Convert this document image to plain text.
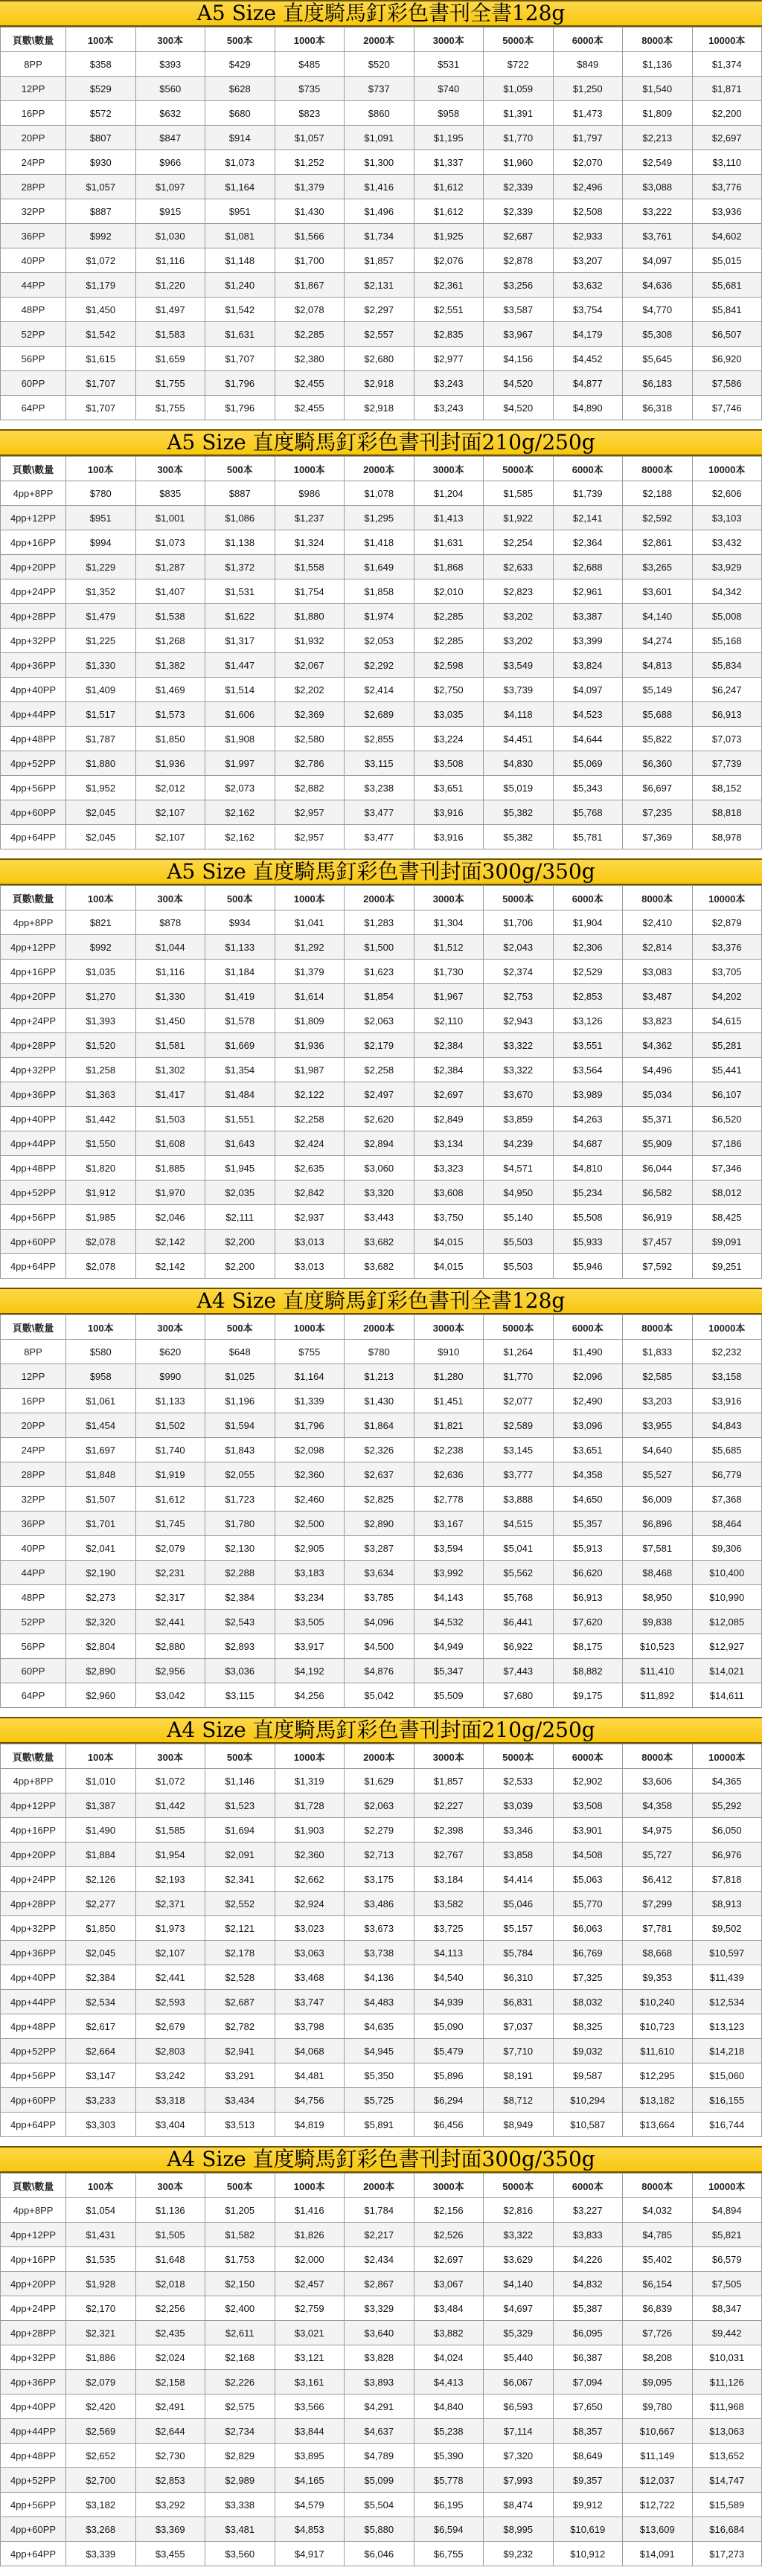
A5 Size 直度騎馬釘彩色書刊全書128g
頁數\數量	100本	300本	500本	1000本	2000本	3000本	5000本	6000本	8000本	10000本
8PP	$358	$393	$429	$485	$520	$531	$722	$849	$1,136	$1,374
12PP	$529	$560	$628	$735	$737	$740	$1,059	$1,250	$1,540	$1,871
16PP	$572	$632	$680	$823	$860	$958	$1,391	$1,473	$1,809	$2,200
20PP	$807	$847	$914	$1,057	$1,091	$1,195	$1,770	$1,797	$2,213	$2,697
24PP	$930	$966	$1,073	$1,252	$1,300	$1,337	$1,960	$2,070	$2,549	$3,110
28PP	$1,057	$1,097	$1,164	$1,379	$1,416	$1,612	$2,339	$2,496	$3,088	$3,776
32PP	$887	$915	$951	$1,430	$1,496	$1,612	$2,339	$2,508	$3,222	$3,936
36PP	$992	$1,030	$1,081	$1,566	$1,734	$1,925	$2,687	$2,933	$3,761	$4,602
40PP	$1,072	$1,116	$1,148	$1,700	$1,857	$2,076	$2,878	$3,207	$4,097	$5,015
44PP	$1,179	$1,220	$1,240	$1,867	$2,131	$2,361	$3,256	$3,632	$4,636	$5,681
48PP	$1,450	$1,497	$1,542	$2,078	$2,297	$2,551	$3,587	$3,754	$4,770	$5,841
52PP	$1,542	$1,583	$1,631	$2,285	$2,557	$2,835	$3,967	$4,179	$5,308	$6,507
56PP	$1,615	$1,659	$1,707	$2,380	$2,680	$2,977	$4,156	$4,452	$5,645	$6,920
60PP	$1,707	$1,755	$1,796	$2,455	$2,918	$3,243	$4,520	$4,877	$6,183	$7,586
64PP	$1,707	$1,755	$1,796	$2,455	$2,918	$3,243	$4,520	$4,890	$6,318	$7,746
A5 Size 直度騎馬釘彩色書刊封面210g/250g
頁數\數量	100本	300本	500本	1000本	2000本	3000本	5000本	6000本	8000本	10000本
4pp+8PP	$780	$835	$887	$986	$1,078	$1,204	$1,585	$1,739	$2,188	$2,606
4pp+12PP	$951	$1,001	$1,086	$1,237	$1,295	$1,413	$1,922	$2,141	$2,592	$3,103
4pp+16PP	$994	$1,073	$1,138	$1,324	$1,418	$1,631	$2,254	$2,364	$2,861	$3,432
4pp+20PP	$1,229	$1,287	$1,372	$1,558	$1,649	$1,868	$2,633	$2,688	$3,265	$3,929
4pp+24PP	$1,352	$1,407	$1,531	$1,754	$1,858	$2,010	$2,823	$2,961	$3,601	$4,342
4pp+28PP	$1,479	$1,538	$1,622	$1,880	$1,974	$2,285	$3,202	$3,387	$4,140	$5,008
4pp+32PP	$1,225	$1,268	$1,317	$1,932	$2,053	$2,285	$3,202	$3,399	$4,274	$5,168
4pp+36PP	$1,330	$1,382	$1,447	$2,067	$2,292	$2,598	$3,549	$3,824	$4,813	$5,834
4pp+40PP	$1,409	$1,469	$1,514	$2,202	$2,414	$2,750	$3,739	$4,097	$5,149	$6,247
4pp+44PP	$1,517	$1,573	$1,606	$2,369	$2,689	$3,035	$4,118	$4,523	$5,688	$6,913
4pp+48PP	$1,787	$1,850	$1,908	$2,580	$2,855	$3,224	$4,451	$4,644	$5,822	$7,073
4pp+52PP	$1,880	$1,936	$1,997	$2,786	$3,115	$3,508	$4,830	$5,069	$6,360	$7,739
4pp+56PP	$1,952	$2,012	$2,073	$2,882	$3,238	$3,651	$5,019	$5,343	$6,697	$8,152
4pp+60PP	$2,045	$2,107	$2,162	$2,957	$3,477	$3,916	$5,382	$5,768	$7,235	$8,818
4pp+64PP	$2,045	$2,107	$2,162	$2,957	$3,477	$3,916	$5,382	$5,781	$7,369	$8,978
A5 Size 直度騎馬釘彩色書刊封面300g/350g
頁數\數量	100本	300本	500本	1000本	2000本	3000本	5000本	6000本	8000本	10000本
4pp+8PP	$821	$878	$934	$1,041	$1,283	$1,304	$1,706	$1,904	$2,410	$2,879
4pp+12PP	$992	$1,044	$1,133	$1,292	$1,500	$1,512	$2,043	$2,306	$2,814	$3,376
4pp+16PP	$1,035	$1,116	$1,184	$1,379	$1,623	$1,730	$2,374	$2,529	$3,083	$3,705
4pp+20PP	$1,270	$1,330	$1,419	$1,614	$1,854	$1,967	$2,753	$2,853	$3,487	$4,202
4pp+24PP	$1,393	$1,450	$1,578	$1,809	$2,063	$2,110	$2,943	$3,126	$3,823	$4,615
4pp+28PP	$1,520	$1,581	$1,669	$1,936	$2,179	$2,384	$3,322	$3,551	$4,362	$5,281
4pp+32PP	$1,258	$1,302	$1,354	$1,987	$2,258	$2,384	$3,322	$3,564	$4,496	$5,441
4pp+36PP	$1,363	$1,417	$1,484	$2,122	$2,497	$2,697	$3,670	$3,989	$5,034	$6,107
4pp+40PP	$1,442	$1,503	$1,551	$2,258	$2,620	$2,849	$3,859	$4,263	$5,371	$6,520
4pp+44PP	$1,550	$1,608	$1,643	$2,424	$2,894	$3,134	$4,239	$4,687	$5,909	$7,186
4pp+48PP	$1,820	$1,885	$1,945	$2,635	$3,060	$3,323	$4,571	$4,810	$6,044	$7,346
4pp+52PP	$1,912	$1,970	$2,035	$2,842	$3,320	$3,608	$4,950	$5,234	$6,582	$8,012
4pp+56PP	$1,985	$2,046	$2,111	$2,937	$3,443	$3,750	$5,140	$5,508	$6,919	$8,425
4pp+60PP	$2,078	$2,142	$2,200	$3,013	$3,682	$4,015	$5,503	$5,933	$7,457	$9,091
4pp+64PP	$2,078	$2,142	$2,200	$3,013	$3,682	$4,015	$5,503	$5,946	$7,592	$9,251
A4 Size 直度騎馬釘彩色書刊全書128g
頁數\數量	100本	300本	500本	1000本	2000本	3000本	5000本	6000本	8000本	10000本
8PP	$580	$620	$648	$755	$780	$910	$1,264	$1,490	$1,833	$2,232
12PP	$958	$990	$1,025	$1,164	$1,213	$1,280	$1,770	$2,096	$2,585	$3,158
16PP	$1,061	$1,133	$1,196	$1,339	$1,430	$1,451	$2,077	$2,490	$3,203	$3,916
20PP	$1,454	$1,502	$1,594	$1,796	$1,864	$1,821	$2,589	$3,096	$3,955	$4,843
24PP	$1,697	$1,740	$1,843	$2,098	$2,326	$2,238	$3,145	$3,651	$4,640	$5,685
28PP	$1,848	$1,919	$2,055	$2,360	$2,637	$2,636	$3,777	$4,358	$5,527	$6,779
32PP	$1,507	$1,612	$1,723	$2,460	$2,825	$2,778	$3,888	$4,650	$6,009	$7,368
36PP	$1,701	$1,745	$1,780	$2,500	$2,890	$3,167	$4,515	$5,357	$6,896	$8,464
40PP	$2,041	$2,079	$2,130	$2,905	$3,287	$3,594	$5,041	$5,913	$7,581	$9,306
44PP	$2,190	$2,231	$2,288	$3,183	$3,634	$3,992	$5,562	$6,620	$8,468	$10,400
48PP	$2,273	$2,317	$2,384	$3,234	$3,785	$4,143	$5,768	$6,913	$8,950	$10,990
52PP	$2,320	$2,441	$2,543	$3,505	$4,096	$4,532	$6,441	$7,620	$9,838	$12,085
56PP	$2,804	$2,880	$2,893	$3,917	$4,500	$4,949	$6,922	$8,175	$10,523	$12,927
60PP	$2,890	$2,956	$3,036	$4,192	$4,876	$5,347	$7,443	$8,882	$11,410	$14,021
64PP	$2,960	$3,042	$3,115	$4,256	$5,042	$5,509	$7,680	$9,175	$11,892	$14,611
A4 Size 直度騎馬釘彩色書刊封面210g/250g
頁數\數量	100本	300本	500本	1000本	2000本	3000本	5000本	6000本	8000本	10000本
4pp+8PP	$1,010	$1,072	$1,146	$1,319	$1,629	$1,857	$2,533	$2,902	$3,606	$4,365
4pp+12PP	$1,387	$1,442	$1,523	$1,728	$2,063	$2,227	$3,039	$3,508	$4,358	$5,292
4pp+16PP	$1,490	$1,585	$1,694	$1,903	$2,279	$2,398	$3,346	$3,901	$4,975	$6,050
4pp+20PP	$1,884	$1,954	$2,091	$2,360	$2,713	$2,767	$3,858	$4,508	$5,727	$6,976
4pp+24PP	$2,126	$2,193	$2,341	$2,662	$3,175	$3,184	$4,414	$5,063	$6,412	$7,818
4pp+28PP	$2,277	$2,371	$2,552	$2,924	$3,486	$3,582	$5,046	$5,770	$7,299	$8,913
4pp+32PP	$1,850	$1,973	$2,121	$3,023	$3,673	$3,725	$5,157	$6,063	$7,781	$9,502
4pp+36PP	$2,045	$2,107	$2,178	$3,063	$3,738	$4,113	$5,784	$6,769	$8,668	$10,597
4pp+40PP	$2,384	$2,441	$2,528	$3,468	$4,136	$4,540	$6,310	$7,325	$9,353	$11,439
4pp+44PP	$2,534	$2,593	$2,687	$3,747	$4,483	$4,939	$6,831	$8,032	$10,240	$12,534
4pp+48PP	$2,617	$2,679	$2,782	$3,798	$4,635	$5,090	$7,037	$8,325	$10,723	$13,123
4pp+52PP	$2,664	$2,803	$2,941	$4,068	$4,945	$5,479	$7,710	$9,032	$11,610	$14,218
4pp+56PP	$3,147	$3,242	$3,291	$4,481	$5,350	$5,896	$8,191	$9,587	$12,295	$15,060
4pp+60PP	$3,233	$3,318	$3,434	$4,756	$5,725	$6,294	$8,712	$10,294	$13,182	$16,155
4pp+64PP	$3,303	$3,404	$3,513	$4,819	$5,891	$6,456	$8,949	$10,587	$13,664	$16,744
A4 Size 直度騎馬釘彩色書刊封面300g/350g
頁數\數量	100本	300本	500本	1000本	2000本	3000本	5000本	6000本	8000本	10000本
4pp+8PP	$1,054	$1,136	$1,205	$1,416	$1,784	$2,156	$2,816	$3,227	$4,032	$4,894
4pp+12PP	$1,431	$1,505	$1,582	$1,826	$2,217	$2,526	$3,322	$3,833	$4,785	$5,821
4pp+16PP	$1,535	$1,648	$1,753	$2,000	$2,434	$2,697	$3,629	$4,226	$5,402	$6,579
4pp+20PP	$1,928	$2,018	$2,150	$2,457	$2,867	$3,067	$4,140	$4,832	$6,154	$7,505
4pp+24PP	$2,170	$2,256	$2,400	$2,759	$3,329	$3,484	$4,697	$5,387	$6,839	$8,347
4pp+28PP	$2,321	$2,435	$2,611	$3,021	$3,640	$3,882	$5,329	$6,095	$7,726	$9,442
4pp+32PP	$1,886	$2,024	$2,168	$3,121	$3,828	$4,024	$5,440	$6,387	$8,208	$10,031
4pp+36PP	$2,079	$2,158	$2,226	$3,161	$3,893	$4,413	$6,067	$7,094	$9,095	$11,126
4pp+40PP	$2,420	$2,491	$2,575	$3,566	$4,291	$4,840	$6,593	$7,650	$9,780	$11,968
4pp+44PP	$2,569	$2,644	$2,734	$3,844	$4,637	$5,238	$7,114	$8,357	$10,667	$13,063
4pp+48PP	$2,652	$2,730	$2,829	$3,895	$4,789	$5,390	$7,320	$8,649	$11,149	$13,652
4pp+52PP	$2,700	$2,853	$2,989	$4,165	$5,099	$5,778	$7,993	$9,357	$12,037	$14,747
4pp+56PP	$3,182	$3,292	$3,338	$4,579	$5,504	$6,195	$8,474	$9,912	$12,722	$15,589
4pp+60PP	$3,268	$3,369	$3,481	$4,853	$5,880	$6,594	$8,995	$10,619	$13,609	$16,684
4pp+64PP	$3,339	$3,455	$3,560	$4,917	$6,046	$6,755	$9,232	$10,912	$14,091	$17,273
